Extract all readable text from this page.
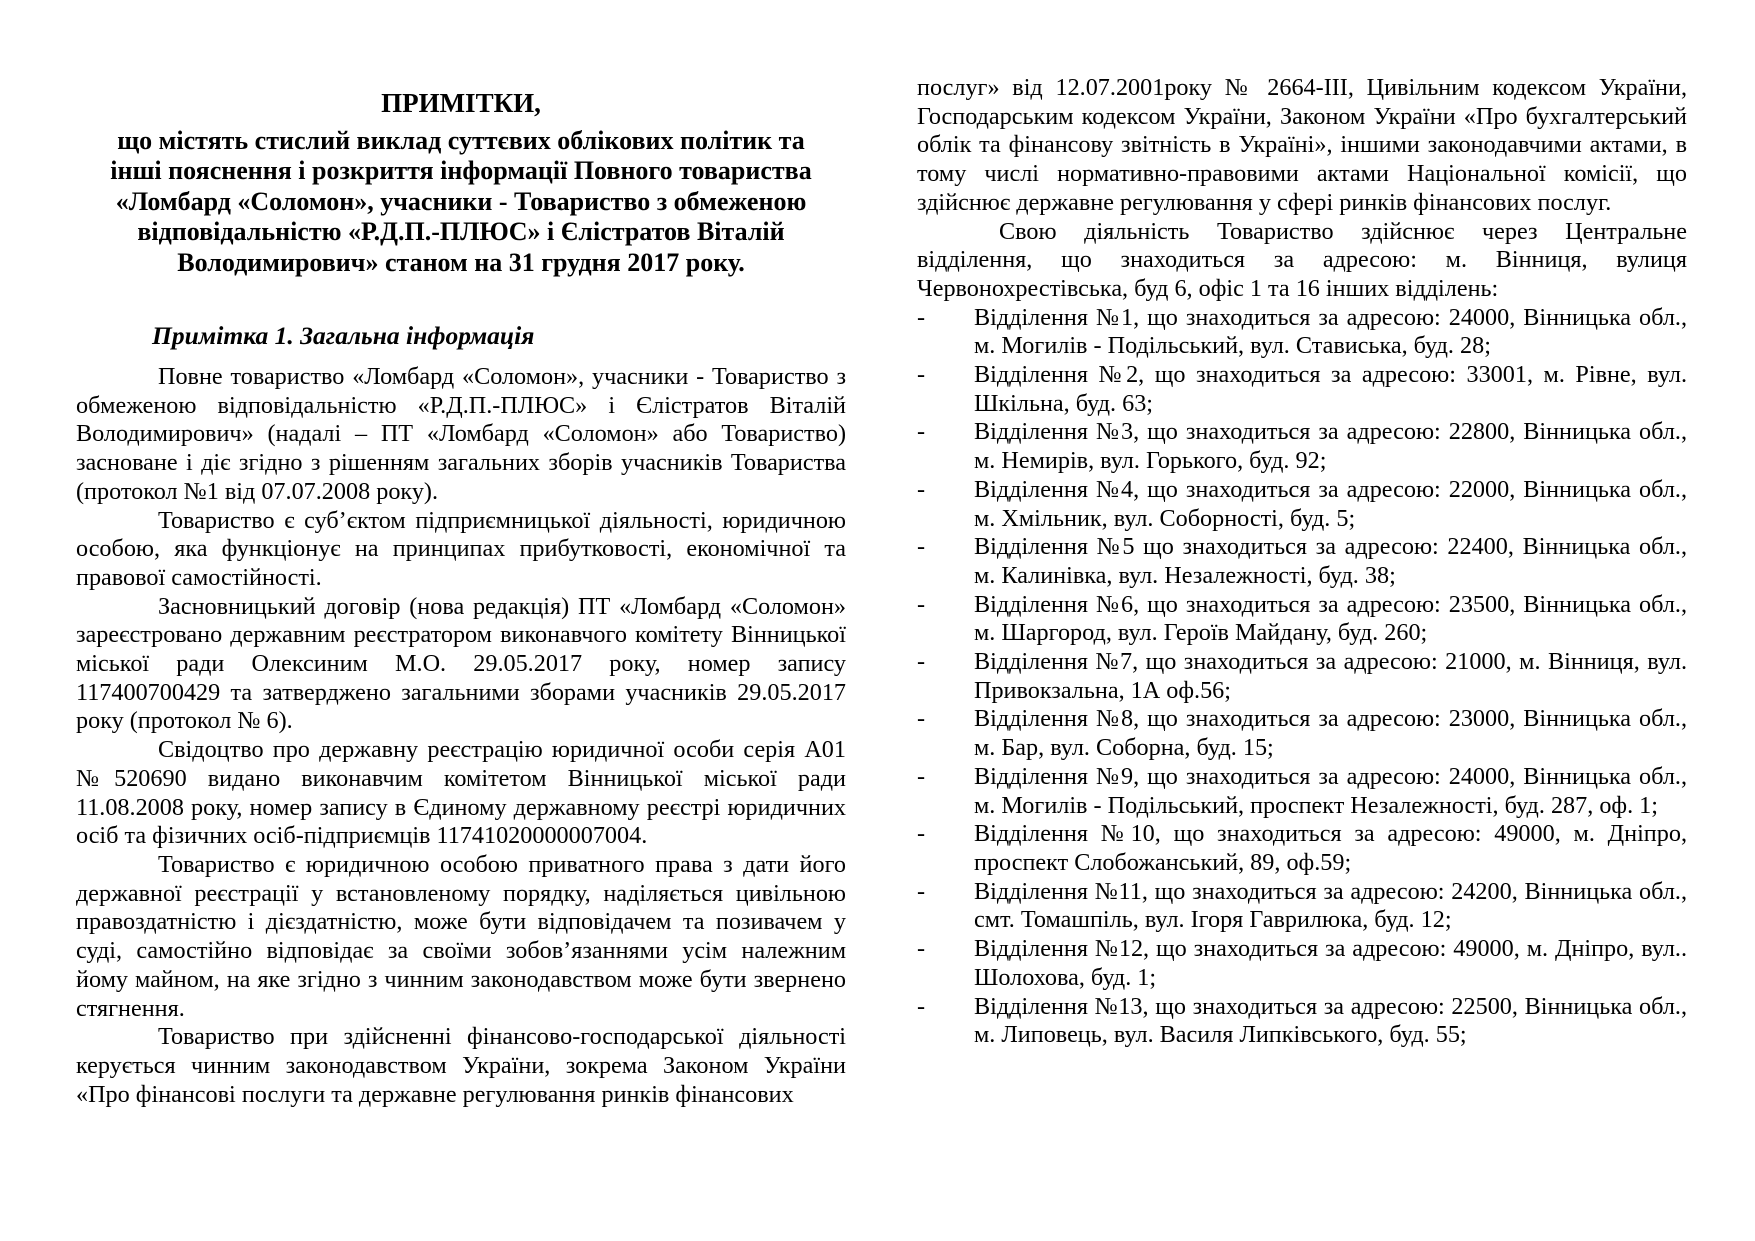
ПРИМІТКИ,
що містять стислий виклад суттєвих облікових політик та
інші пояснення і розкриття інформації Повного товариства
«Ломбард «Соломон», учасники - Товариство з обмеженою
відповідальністю «Р.Д.П.-ПЛЮС» і Єлістратов Віталій
Володимирович» станом на 31 грудня 2017 року.
Примітка 1. Загальна інформація

Повне товариство «Ломбард «Соломон», учасники - Товариство з обмеженою відповідальністю «Р.Д.П.-ПЛЮС» і Єлістратов Віталій Володимирович» (надалі – ПТ «Ломбард «Соломон» або Товариство) засноване і діє згідно з рішенням загальних зборів учасників Товариства (протокол №1 від 07.07.2008 року).

Товариство є суб’єктом підприємницької діяльності, юридичною особою, яка функціонує на принципах прибутковості, економічної та правової самостійності.

Засновницький договір (нова редакція) ПТ «Ломбард «Соломон» зареєстровано державним реєстратором виконавчого комітету Вінницької міської ради Олексиним М.О. 29.05.2017 року, номер запису 117400700429 та затверджено загальними зборами учасників 29.05.2017 року (протокол № 6).

Свідоцтво про державну реєстрацію юридичної особи серія А01 №520690 видано виконавчим комітетом Вінницької міської ради 11.08.2008 року, номер запису в Єдиному державному реєстрі юридичних осіб та фізичних осіб-підприємців 11741020000007004.

Товариство є юридичною особою приватного права з дати його державної реєстрації у встановленому порядку, наділяється цивільною правоздатністю і дієздатністю, може бути відповідачем та позивачем у суді, самостійно відповідає за своїми зобов’язаннями усім належним йому майном, на яке згідно з чинним законодавством може бути звернено стягнення.

Товариство при здійсненні фінансово-господарської діяльності керується чинним законодавством України, зокрема Законом України «Про фінансові послуги та державне регулювання ринків фінансових

послуг» від 12.07.2001року № 2664-ІІІ, Цивільним кодексом України, Господарським кодексом України, Законом України «Про бухгалтерський облік та фінансову звітність в Україні», іншими законодавчими актами, в тому числі нормативно-правовими актами Національної комісії, що здійснює державне регулювання у сфері ринків фінансових послуг.

Свою діяльність Товариство здійснює через Центральне відділення, що знаходиться за адресою: м. Вінниця, вулиця Червонохрестівська, буд 6, офіс 1 та 16 інших відділень:

- Відділення №1, що знаходиться за адресою: 24000, Вінницька обл., м. Могилів - Подільський, вул. Стависька, буд. 28;
- Відділення №2, що знаходиться за адресою: 33001, м. Рівне, вул. Шкільна, буд. 63;
- Відділення №3, що знаходиться за адресою: 22800, Вінницька обл., м. Немирів, вул. Горького, буд. 92;
- Відділення №4, що знаходиться за адресою: 22000, Вінницька обл., м. Хмільник, вул. Соборності, буд. 5;
- Відділення №5 що знаходиться за адресою: 22400, Вінницька обл., м. Калинівка, вул. Незалежності, буд. 38;
- Відділення №6, що знаходиться за адресою: 23500, Вінницька обл., м. Шаргород, вул. Героїв Майдану, буд. 260;
- Відділення №7, що знаходиться за адресою: 21000, м. Вінниця, вул. Привокзальна, 1А оф.56;
- Відділення №8, що знаходиться за адресою: 23000, Вінницька обл., м. Бар, вул. Соборна, буд. 15;
- Відділення №9, що знаходиться за адресою: 24000, Вінницька обл., м. Могилів - Подільський, проспект Незалежності, буд. 287, оф. 1;
- Відділення №10, що знаходиться за адресою: 49000, м. Дніпро, проспект Слобожанський, 89, оф.59;
- Відділення №11, що знаходиться за адресою: 24200, Вінницька обл., смт. Томашпіль, вул. Ігоря Гаврилюка, буд. 12;
- Відділення №12, що знаходиться за адресою: 49000, м. Дніпро, вул.. Шолохова, буд. 1;
- Відділення №13, що знаходиться за адресою: 22500, Вінницька обл., м. Липовець, вул. Василя Липківського, буд. 55;
